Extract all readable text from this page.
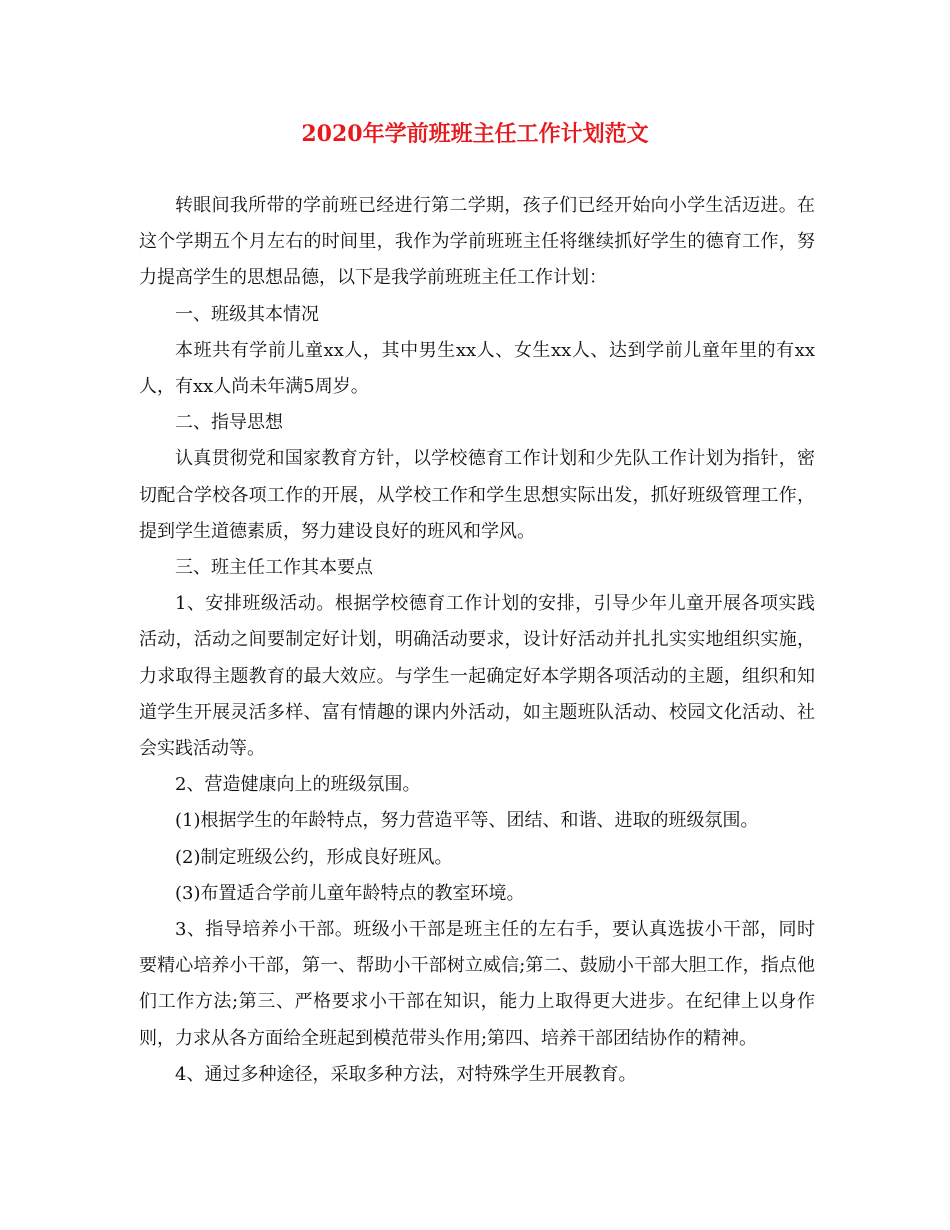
2020年学前班班主任工作计划范文

转眼间我所带的学前班已经进行第二学期，孩子们已经开始向小学生活迈进。在这个学期五个月左右的时间里，我作为学前班班主任将继续抓好学生的德育工作，努力提高学生的思想品德，以下是我学前班班主任工作计划：

一、班级其本情况

本班共有学前儿童xx人，其中男生xx人、女生xx人、达到学前儿童年里的有xx人，有xx人尚未年满5周岁。

二、指导思想

认真贯彻党和国家教育方针，以学校德育工作计划和少先队工作计划为指针，密切配合学校各项工作的开展，从学校工作和学生思想实际出发，抓好班级管理工作，提到学生道德素质，努力建设良好的班风和学风。

三、班主任工作其本要点

1、安排班级活动。根据学校德育工作计划的安排，引导少年儿童开展各项实践活动，活动之间要制定好计划，明确活动要求，设计好活动并扎扎实实地组织实施，力求取得主题教育的最大效应。与学生一起确定好本学期各项活动的主题，组织和知道学生开展灵活多样、富有情趣的课内外活动，如主题班队活动、校园文化活动、社会实践活动等。

2、营造健康向上的班级氛围。

(1)根据学生的年龄特点，努力营造平等、团结、和谐、进取的班级氛围。

(2)制定班级公约，形成良好班风。

(3)布置适合学前儿童年龄特点的教室环境。

3、指导培养小干部。班级小干部是班主任的左右手，要认真选拔小干部，同时要精心培养小干部，第一、帮助小干部树立威信;第二、鼓励小干部大胆工作，指点他们工作方法;第三、严格要求小干部在知识，能力上取得更大进步。在纪律上以身作则，力求从各方面给全班起到模范带头作用;第四、培养干部团结协作的精神。

4、通过多种途径，采取多种方法，对特殊学生开展教育。
